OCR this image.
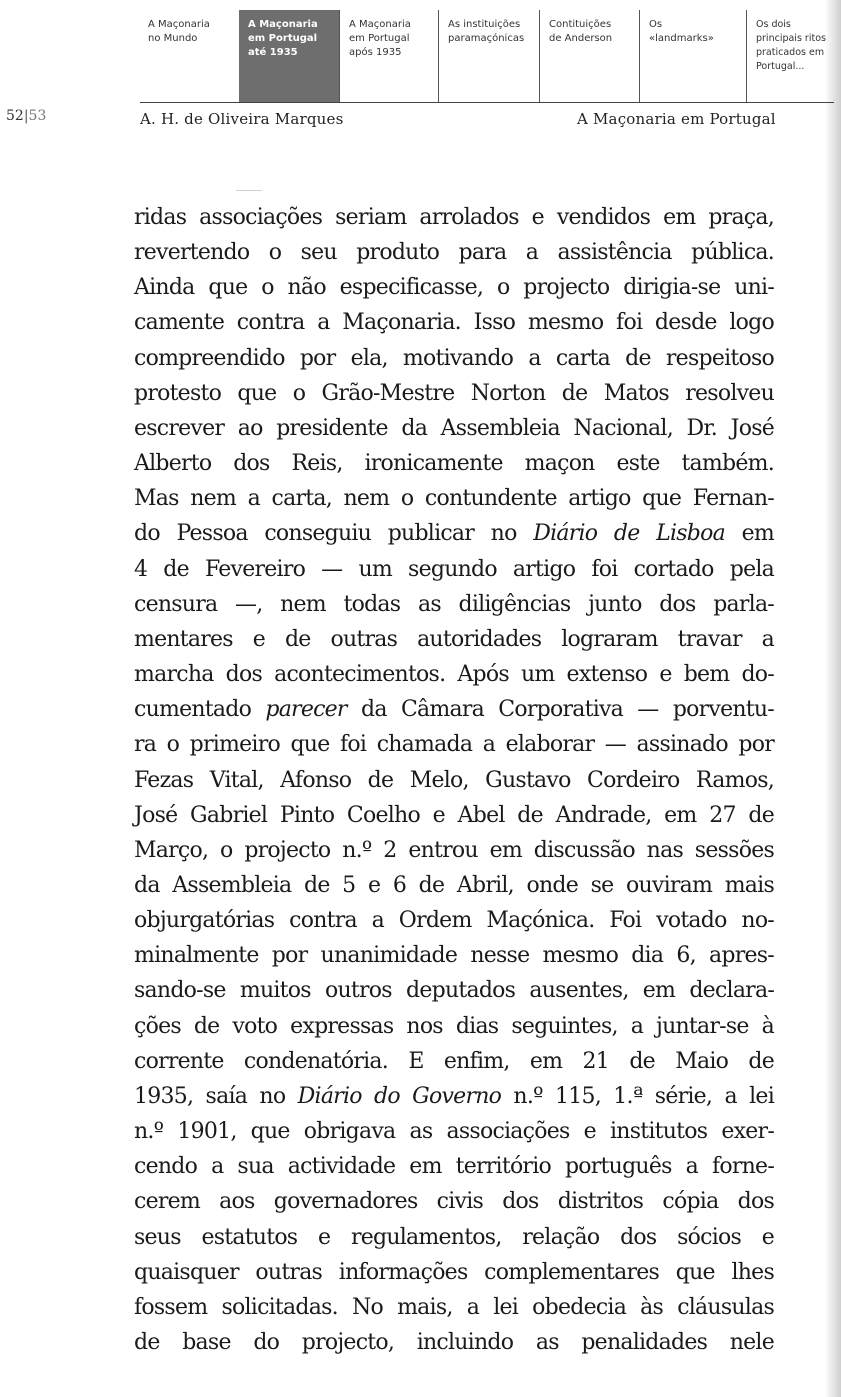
A Maçonaria
no Mundo
A Maçonaria
em Portugal
até 1935
A Maçonaria
em Portugal
após 1935
As instituições
paramaçónicas
Contituições
de Anderson
Os
«landmarks»
Os dois
principais ritos
praticados em
Portugal...
52|53	A. H. de Oliveira Marques	A Maçonaria em Portugal
ridas associações seriam arrolados e vendidos em praça,
revertendo o seu produto para a assistência pública.
Ainda que o não especificasse, o projecto dirigia-se uni-
camente contra a Maçonaria. Isso mesmo foi desde logo
compreendido por ela, motivando a carta de respeitoso
protesto que o Grão-Mestre Norton de Matos resolveu
escrever ao presidente da Assembleia Nacional, Dr. José
Alberto dos Reis, ironicamente maçon este também.
Mas nem a carta, nem o contundente artigo que Fernan-
do Pessoa conseguiu publicar no Diário de Lisboa em
4 de Fevereiro — um segundo artigo foi cortado pela
censura —, nem todas as diligências junto dos parla-
mentares e de outras autoridades lograram travar a
marcha dos acontecimentos. Após um extenso e bem do-
cumentado parecer da Câmara Corporativa — porventu-
ra o primeiro que foi chamada a elaborar — assinado por
Fezas Vital, Afonso de Melo, Gustavo Cordeiro Ramos,
José Gabriel Pinto Coelho e Abel de Andrade, em 27 de
Março, o projecto n.º 2 entrou em discussão nas sessões
da Assembleia de 5 e 6 de Abril, onde se ouviram mais
objurgatórias contra a Ordem Maçónica. Foi votado no-
minalmente por unanimidade nesse mesmo dia 6, apres-
sando-se muitos outros deputados ausentes, em declara-
ções de voto expressas nos dias seguintes, a juntar-se à
corrente condenatória. E enfim, em 21 de Maio de
1935, saía no Diário do Governo n.º 115, 1.ª série, a lei
n.º 1901, que obrigava as associações e institutos exer-
cendo a sua actividade em território português a forne-
cerem aos governadores civis dos distritos cópia dos
seus estatutos e regulamentos, relação dos sócios e
quaisquer outras informações complementares que lhes
fossem solicitadas. No mais, a lei obedecia às cláusulas
de base do projecto, incluindo as penalidades nele
